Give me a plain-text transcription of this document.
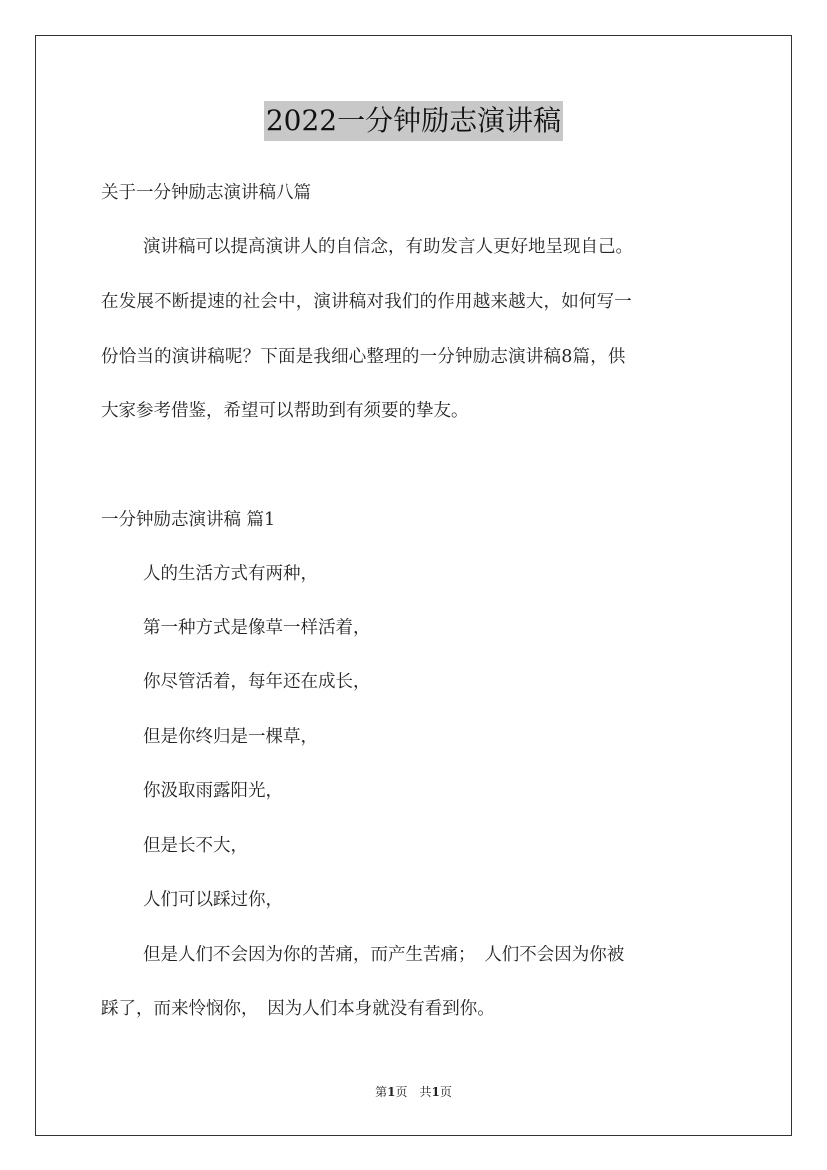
2022一分钟励志演讲稿
关于一分钟励志演讲稿八篇
演讲稿可以提高演讲人的自信念，有助发言人更好地呈现自己。
在发展不断提速的社会中，演讲稿对我们的作用越来越大，如何写一
份恰当的演讲稿呢？下面是我细心整理的一分钟励志演讲稿8篇，供
大家参考借鉴，希望可以帮助到有须要的挚友。
一分钟励志演讲稿 篇1
人的生活方式有两种，
第一种方式是像草一样活着，
你尽管活着，每年还在成长，
但是你终归是一棵草，
你汲取雨露阳光，
但是长不大，
人们可以踩过你，
但是人们不会因为你的苦痛，而产生苦痛；　人们不会因为你被
踩了，而来怜悯你，　因为人们本身就没有看到你。
第1页　共1页
